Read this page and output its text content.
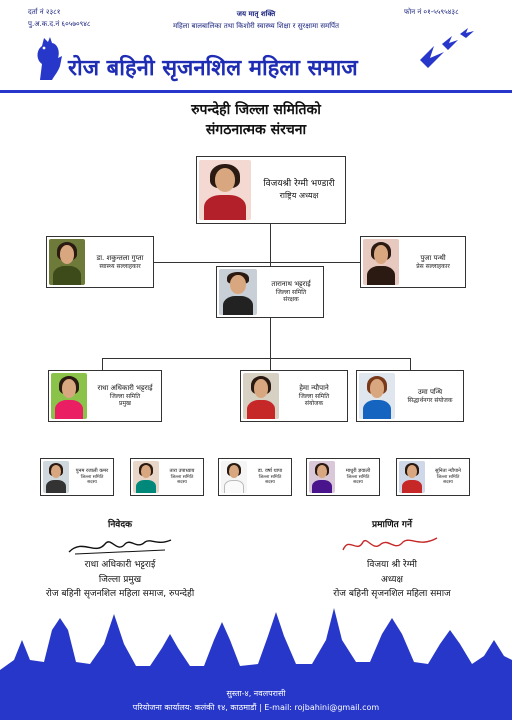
दर्ता नं २३८१
पु.अ.क.द.नं ६०५७०९४८
जय मातृ शक्ति
महिला बालबालिका तथा किशोरी स्वास्थ्य शिक्षा र सुरक्षामा समर्पित
फोन नं ०१-५५९५४३८
रोज बहिनी सृजनशिल महिला समाज
रुपन्देही जिल्ला समितिको
संगठनात्मक संरचना
विजयश्री रेग्मी भण्डारी
राष्ट्रिय अध्यक्ष
डा. शकुन्तला गुप्ता
स्वास्थ्य सल्लाहकार
पुजा पन्थी
प्रेस सल्लाहकार
तारानाथ भट्टराई
जिल्ला समिति
संरक्षक
राधा अधिकारी भट्टराई
जिल्ला समिति
प्रमुख
हेमा न्यौपाने
जिल्ला समिति
संयोजक
उमा पन्थि
सिद्धार्थनगर संयोजक
पुनम रजाली कमर
जिल्ला समिति
सदस्य
तारा उपाध्याय
जिल्ला समिति
सदस्य
डा. वर्षा थापा
जिल्ला समिति
सदस्य
माधुरी ज्ञवाली
जिल्ला समिति
सदस्य
सुनिता न्यौपाने
जिल्ला समिति
सदस्य
निवेदक
राधा अधिकारी भट्टराई
जिल्ला प्रमुख
रोज बहिनी सृजनशिल महिला समाज, रुपन्देही
प्रमाणित गर्ने
विजया श्री रेग्मी
अध्यक्ष
रोज बहिनी सृजनशिल महिला समाज
सुस्ता-४, नवलपरासी
परियोजना कार्यालय: कलंकी १४, काठमाडौं | E-mail: rojbahini@gmail.com
